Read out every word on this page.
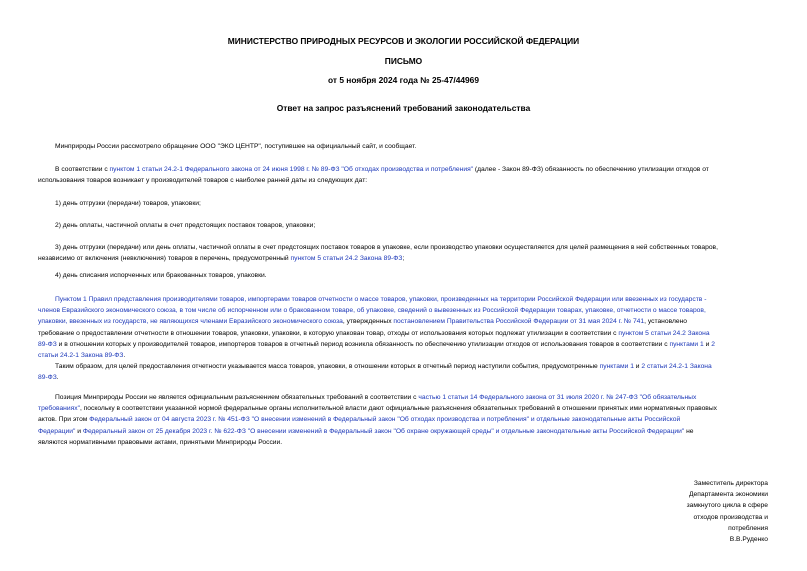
МИНИСТЕРСТВО ПРИРОДНЫХ РЕСУРСОВ И ЭКОЛОГИИ РОССИЙСКОЙ ФЕДЕРАЦИИ
ПИСЬМО
от 5 ноября 2024 года № 25-47/44969
Ответ на запрос разъяснений требований законодательства
Минприроды России рассмотрело обращение ООО "ЭКО ЦЕНТР", поступившее на официальный сайт, и сообщает.
В соответствии с пунктом 1 статьи 24.2-1 Федерального закона от 24 июня 1998 г. № 89-ФЗ "Об отходах производства и потребления" (далее - Закон 89-ФЗ) обязанность по обеспечению утилизации отходов от
использования товаров возникает у производителей товаров с наиболее ранней даты из следующих дат:
1) день отгрузки (передачи) товаров, упаковки;
2) день оплаты, частичной оплаты в счет предстоящих поставок товаров, упаковки;
3) день отгрузки (передачи) или день оплаты, частичной оплаты в счет предстоящих поставок товаров в упаковке, если производство упаковки осуществляется для целей размещения в ней собственных товаров,
независимо от включения (невключения) товаров в перечень, предусмотренный пунктом 5 статьи 24.2 Закона 89-ФЗ;
4) день списания испорченных или бракованных товаров, упаковки.
Пунктом 1 Правил представления производителями товаров, импортерами товаров отчетности о массе товаров, упаковки, произведенных на территории Российской Федерации или ввезенных из государств -
членов Евразийского экономического союза, в том числе об испорченном или о бракованном товаре, об упаковке, сведений о вывезенных из Российской Федерации товарах, упаковке, отчетности о массе товаров,
упаковки, ввезенных из государств, не являющихся членами Евразийского экономического союза, утвержденных постановлением Правительства Российской Федерации от 31 мая 2024 г. № 741, установлено
требование о предоставлении отчетности в отношении товаров, упаковки, упаковки, в которую упакован товар, отходы от использования которых подлежат утилизации в соответствии с пунктом 5 статьи 24.2 Закона
89-ФЗ и в отношении которых у производителей товаров, импортеров товаров в отчетный период возникла обязанность по обеспечению утилизации отходов от использования товаров в соответствии с пунктами 1 и 2
статьи 24.2-1 Закона 89-ФЗ.
Таким образом, для целей предоставления отчетности указывается масса товаров, упаковки, в отношении которых в отчетный период наступили события, предусмотренные пунктами 1 и 2 статьи 24.2-1 Закона
89-ФЗ.
Позиция Минприроды России не является официальным разъяснением обязательных требований в соответствии с частью 1 статьи 14 Федерального закона от 31 июля 2020 г. № 247-ФЗ "Об обязательных
требованиях", поскольку в соответствии указанной нормой федеральные органы исполнительной власти дают официальные разъяснения обязательных требований в отношении принятых ими нормативных правовых
актов. При этом Федеральный закон от 04 августа 2023 г. № 451-ФЗ "О внесении изменений в Федеральный закон "Об отходах производства и потребления" и отдельные законодательные акты Российской
Федерации" и Федеральный закон от 25 декабря 2023 г. № 622-ФЗ "О внесении изменений в Федеральный закон "Об охране окружающей среды" и отдельные законодательные акты Российской Федерации" не
являются нормативными правовыми актами, принятыми Минприроды России.
Заместитель директора
Департамента экономики
замкнутого цикла в сфере
отходов производства и
потребления
В.В.Руденко
